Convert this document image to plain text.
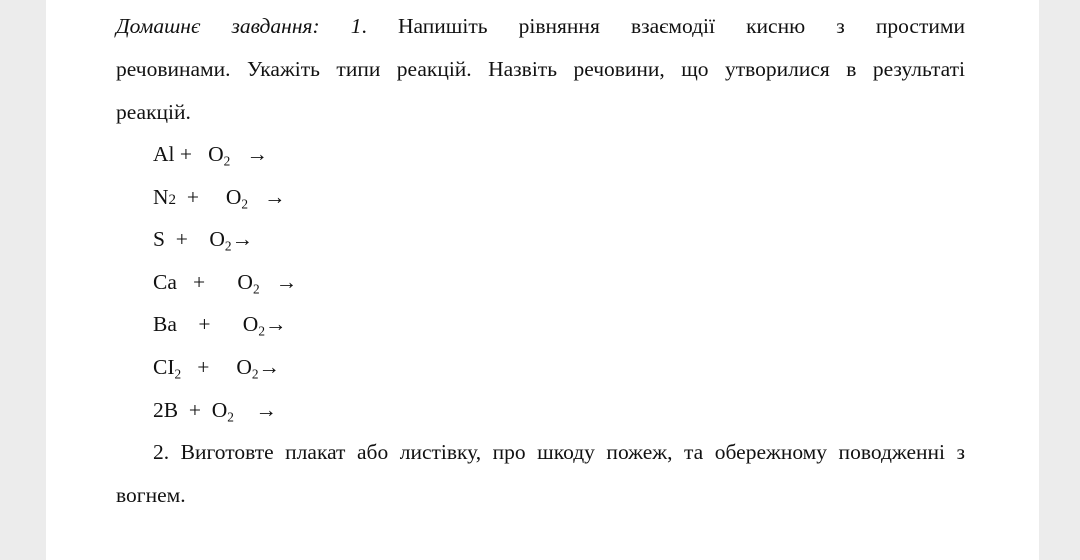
Домашнє завдання: 1. Напишіть рівняння взаємодії кисню з простими
речовинами. Укажіть типи реакцій. Назвіть речовини, що утворилися в результаті
реакцій.
$Al + O_2$ →
$N2 + O_2$ →
$S + O_2\to$
$Ca + O_2$ →
$Ba + O_2\to$
$CI_2 + O_2\to$
$2B + O_2$ →
2. Виготовте плакат або листівку, про шкоду пожеж, та обережному поводженні з
вогнем.
